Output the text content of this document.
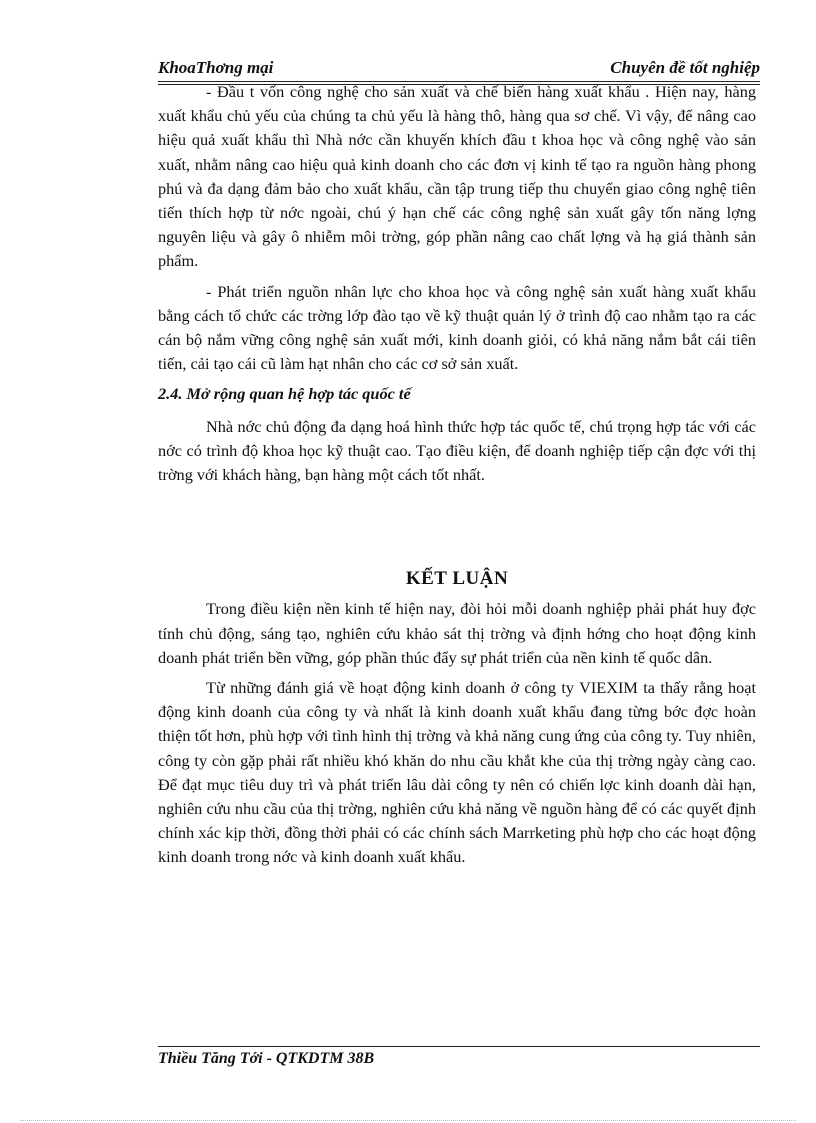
KhoaThơng mại	Chuyên đề tốt nghiệp

- Đầu t vốn công nghệ cho sản xuất và chế biến hàng xuất khẩu . Hiện nay, hàng xuất khẩu chủ yếu của chúng ta chủ yếu là hàng thô, hàng qua sơ chế. Vì vậy, để nâng cao hiệu quả xuất khẩu thì Nhà nớc cần khuyến khích đầu t khoa học và công nghệ vào sản xuất, nhằm nâng cao hiệu quả kinh doanh cho các đơn vị kinh tế tạo ra nguồn hàng phong phú và đa dạng đảm bảo cho xuất khẩu, cần tập trung tiếp thu chuyển giao công nghệ tiên tiến thích hợp từ nớc ngoài, chú ý hạn chế các công nghệ sản xuất gây tốn năng lợng nguyên liệu và gây ô nhiễm môi trờng, góp phần nâng cao chất lợng và hạ giá thành sản phẩm.

- Phát triển nguồn nhân lực cho khoa học và công nghệ sản xuất hàng xuất khẩu bằng cách tổ chức các trờng lớp đào tạo về kỹ thuật quản lý ở trình độ cao nhằm tạo ra các cán bộ nắm vững công nghệ sản xuất mới, kinh doanh giỏi, có khả năng nắm bắt cái tiên tiến, cải tạo cái cũ làm hạt nhân cho các cơ sở sản xuất.

2.4. Mở rộng quan hệ hợp tác quốc tế

Nhà nớc chủ động đa dạng hoá hình thức hợp tác quốc tế, chú trọng hợp tác với các nớc có trình độ khoa học kỹ thuật cao. Tạo điều kiện, để doanh nghiệp tiếp cận đợc với thị trờng với khách hàng, bạn hàng một cách tốt nhất.

KẾT LUẬN

Trong điều kiện nền kinh tế hiện nay, đòi hỏi mỗi doanh nghiệp phải phát huy đợc tính chủ động, sáng tạo, nghiên cứu khảo sát thị trờng và định hớng cho hoạt động kinh doanh phát triển bền vững, góp phần thúc đẩy sự phát triển của nền kinh tế quốc dân.

Từ những đánh giá về hoạt động kinh doanh ở công ty VIEXIM ta thấy rằng hoạt động kinh doanh của công ty và nhất là kinh doanh xuất khẩu đang từng bớc đợc hoàn thiện tốt hơn, phù hợp với tình hình thị trờng và khả năng cung ứng của công ty. Tuy nhiên, công ty còn gặp phải rất nhiều khó khăn do nhu cầu khắt khe của thị trờng ngày càng cao. Để đạt mục tiêu duy trì và phát triển lâu dài công ty nên có chiến lợc kinh doanh dài hạn, nghiên cứu nhu cầu của thị trờng, nghiên cứu khả năng về nguồn hàng để có các quyết định chính xác kịp thời, đồng thời phải có các chính sách Marrketing phù hợp cho các hoạt động kinh doanh trong nớc và kinh doanh xuất khẩu.

Thiều Tăng Tới - QTKDTM 38B
